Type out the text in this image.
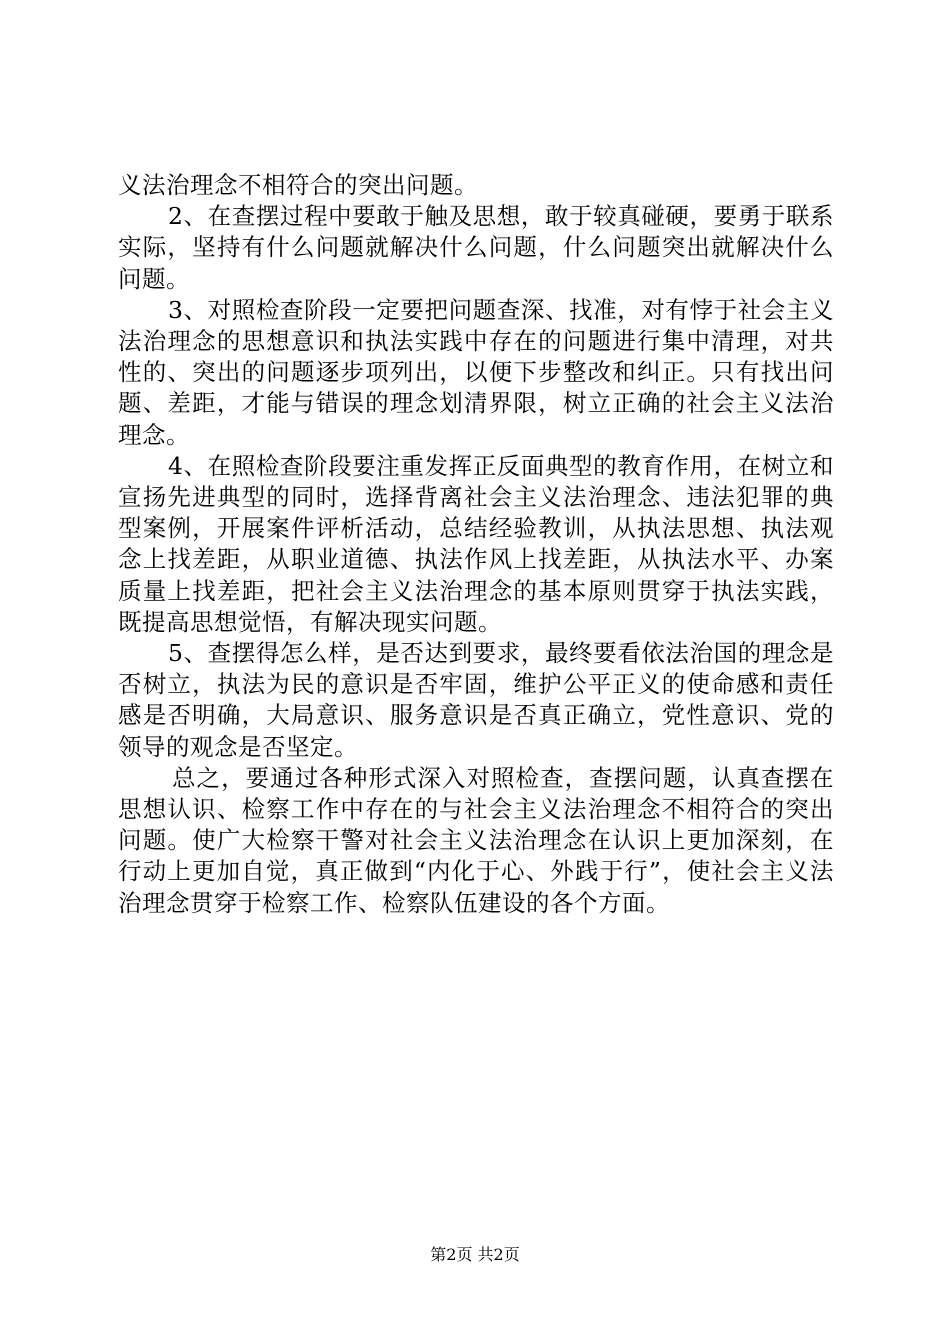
义法治理念不相符合的突出问题。

2、在查摆过程中要敢于触及思想，敢于较真碰硬，要勇于联系实际，坚持有什么问题就解决什么问题，什么问题突出就解决什么问题。

3、对照检查阶段一定要把问题查深、找准，对有悖于社会主义法治理念的思想意识和执法实践中存在的问题进行集中清理，对共性的、突出的问题逐步项列出，以便下步整改和纠正。只有找出问题、差距，才能与错误的理念划清界限，树立正确的社会主义法治理念。

4、在照检查阶段要注重发挥正反面典型的教育作用，在树立和宣扬先进典型的同时，选择背离社会主义法治理念、违法犯罪的典型案例，开展案件评析活动，总结经验教训，从执法思想、执法观念上找差距，从职业道德、执法作风上找差距，从执法水平、办案质量上找差距，把社会主义法治理念的基本原则贯穿于执法实践，既提高思想觉悟，有解决现实问题。

5、查摆得怎么样，是否达到要求，最终要看依法治国的理念是否树立，执法为民的意识是否牢固，维护公平正义的使命感和责任感是否明确，大局意识、服务意识是否真正确立，党性意识、党的领导的观念是否坚定。

总之，要通过各种形式深入对照检查，查摆问题，认真查摆在思想认识、检察工作中存在的与社会主义法治理念不相符合的突出问题。使广大检察干警对社会主义法治理念在认识上更加深刻，在行动上更加自觉，真正做到“内化于心、外践于行”，使社会主义法治理念贯穿于检察工作、检察队伍建设的各个方面。

第2页 共2页
